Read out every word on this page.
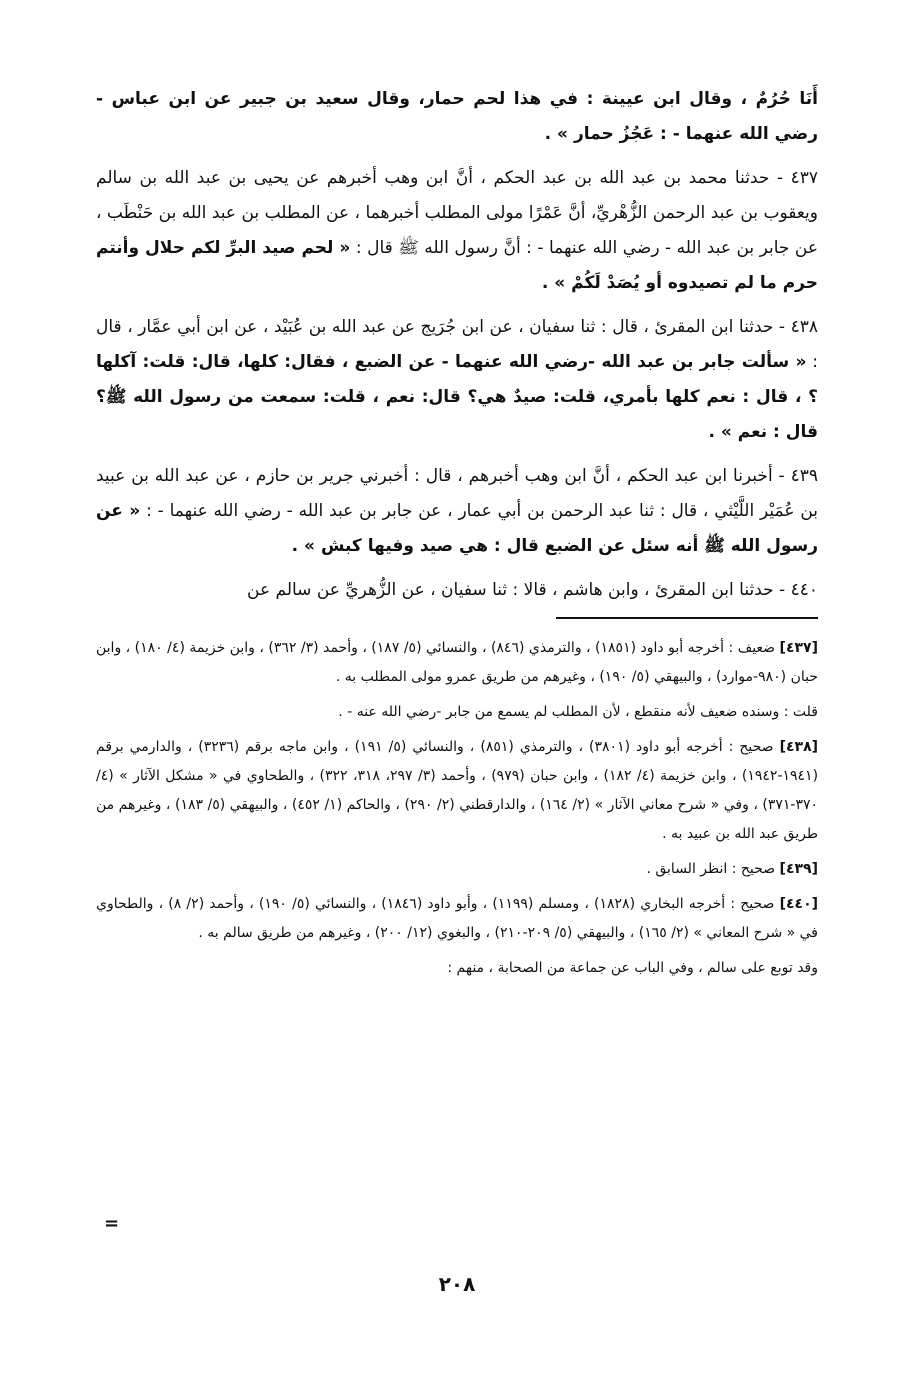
أَنَا حُرُمٌ ، وقال ابن عيينة : في هذا لحم حمار، وقال سعيد بن جبير عن ابن عباس - رضي الله عنهما - : عَجُزُ حمار » .

٤٣٧ - حدثنا محمد بن عبد الله بن عبد الحكم ، أنَّ ابن وهب أخبرهم عن يحيى بن عبد الله بن سالم ويعقوب بن عبد الرحمن الزُّهْريِّ، أنَّ عَمْرًا مولى المطلب أخبرهما ، عن المطلب بن عبد الله بن حَنْطَب ، عن جابر بن عبد الله - رضي الله عنهما - : أنَّ رسول الله ﷺ قال : « لحم صيد البرِّ لكم حلال وأنتم حرم ما لم تصيدوه أو يُصَدْ لَكُمْ » .

٤٣٨ - حدثنا ابن المقرئ ، قال : ثنا سفيان ، عن ابن جُرَيج عن عبد الله بن عُبَيْد ، عن ابن أبي عمَّار ، قال : « سألت جابر بن عبد الله -رضي الله عنهما - عن الضبع ، فقال: كلها، قال: قلت: آكلها ؟ ، قال : نعم كلها بأمري، قلت: صيدٌ هي؟ قال: نعم ، قلت: سمعت من رسول الله ﷺ؟ قال : نعم » .

٤٣٩ - أخبرنا ابن عبد الحكم ، أنَّ ابن وهب أخبرهم ، قال : أخبرني جرير بن حازم ، عن عبد الله بن عبيد بن عُمَيْر اللَّيْثي ، قال : ثنا عبد الرحمن بن أبي عمار ، عن جابر بن عبد الله - رضي الله عنهما - : « عن رسول الله ﷺ أنه سئل عن الضبع قال : هي صيد وفيها كبش » .

٤٤٠ - حدثنا ابن المقرئ ، وابن هاشم ، قالا : ثنا سفيان ، عن الزُّهريِّ عن سالم عن

[٤٣٧] ضعيف : أخرجه أبو داود (١٨٥١) ، والترمذي (٨٤٦) ، والنسائي (٥/ ١٨٧) ، وأحمد (٣/ ٣٦٢) ، وابن خزيمة (٤/ ١٨٠) ، وابن حبان (٩٨٠-موارد) ، والبيهقي (٥/ ١٩٠) ، وغيرهم من طريق عمرو مولى المطلب به .

قلت : وسنده ضعيف لأنه منقطع ، لأن المطلب لم يسمع من جابر -رضي الله عنه - .

[٤٣٨] صحيح : أخرجه أبو داود (٣٨٠١) ، والترمذي (٨٥١) ، والنسائي (٥/ ١٩١) ، وابن ماجه برقم (٣٢٣٦) ، والدارمي برقم (١٩٤١-١٩٤٢) ، وابن خزيمة (٤/ ١٨٢) ، وابن حبان (٩٧٩) ، وأحمد (٣/ ٢٩٧، ٣١٨، ٣٢٢) ، والطحاوي في « مشكل الآثار » (٤/ ٣٧٠-٣٧١) ، وفي « شرح معاني الآثار » (٢/ ١٦٤) ، والدارقطني (٢/ ٢٩٠) ، والحاكم (١/ ٤٥٢) ، والبيهقي (٥/ ١٨٣) ، وغيرهم من طريق عبد الله بن عبيد به .

[٤٣٩] صحيح : انظر السابق .

[٤٤٠] صحيح : أخرجه البخاري (١٨٢٨) ، ومسلم (١١٩٩) ، وأبو داود (١٨٤٦) ، والنسائي (٥/ ١٩٠) ، وأحمد (٢/ ٨) ، والطحاوي في « شرح المعاني » (٢/ ١٦٥) ، والبيهقي (٥/ ٢٠٩-٢١٠) ، والبغوي (١٢/ ٢٠٠) ، وغيرهم من طريق سالم به .

وقد توبع على سالم ، وفي الباب عن جماعة من الصحابة ، منهم :

=
٢٠٨
